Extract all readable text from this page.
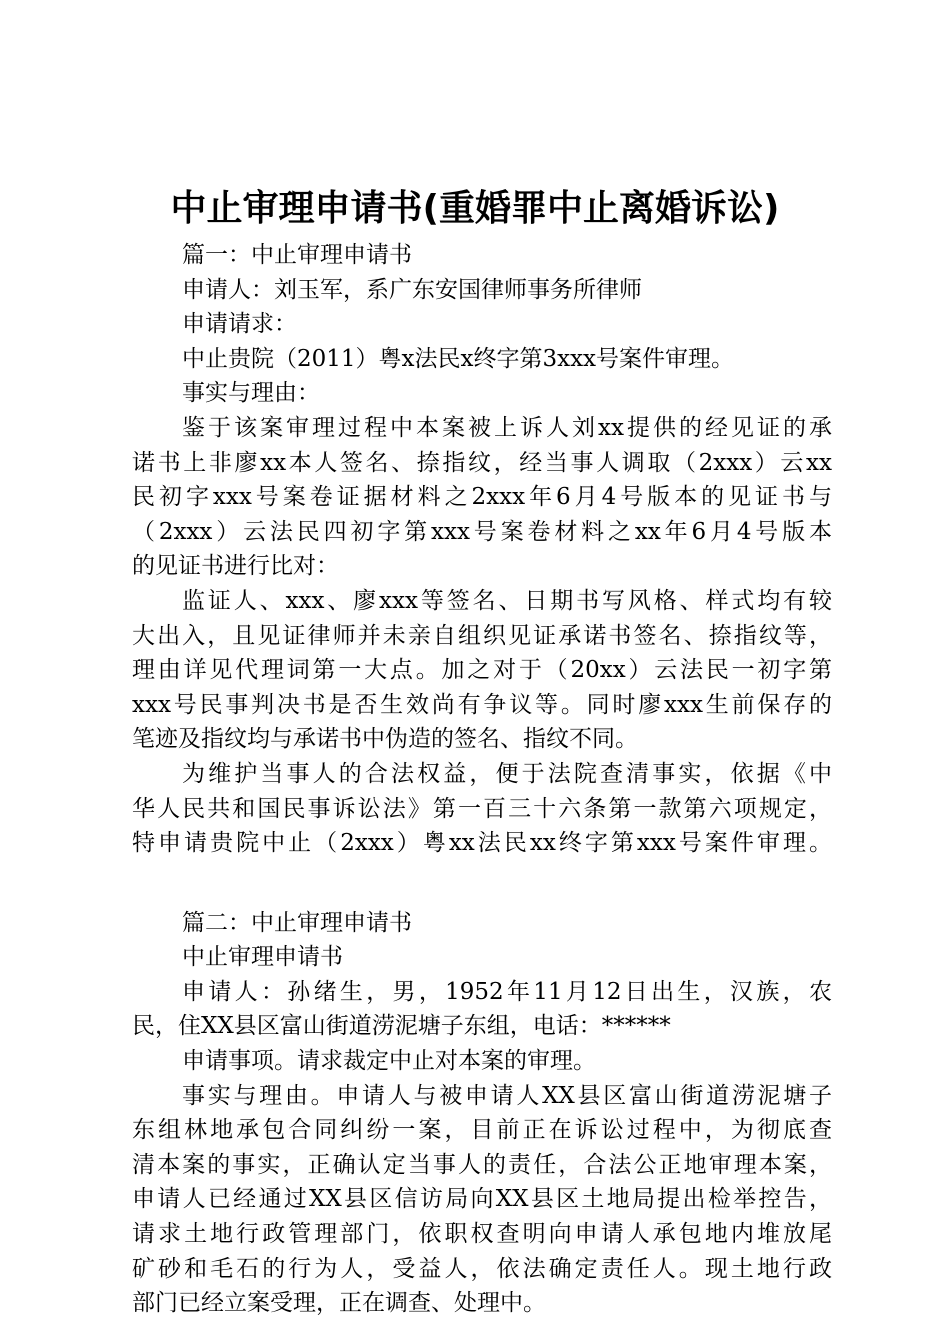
中止审理申请书(重婚罪中止离婚诉讼)
篇一：中止审理申请书
申请人：刘玉军，系广东安国律师事务所律师
申请请求：
中止贵院（2011）粤x法民x终字第3xxx号案件审理。
事实与理由：
鉴于该案审理过程中本案被上诉人刘xx提供的经见证的承
诺书上非廖xx本人签名、捺指纹，经当事人调取（2xxx）云xx
民初字xxx号案卷证据材料之2xxx年6月4号版本的见证书与
（2xxx）云法民四初字第xxx号案卷材料之xx年6月4号版本
的见证书进行比对：
监证人、xxx、廖xxx等签名、日期书写风格、样式均有较
大出入，且见证律师并未亲自组织见证承诺书签名、捺指纹等，
理由详见代理词第一大点。加之对于（20xx）云法民一初字第
xxx号民事判决书是否生效尚有争议等。同时廖xxx生前保存的
笔迹及指纹均与承诺书中伪造的签名、指纹不同。
为维护当事人的合法权益，便于法院查清事实，依据《中
华人民共和国民事诉讼法》第一百三十六条第一款第六项规定，
特申请贵院中止（2xxx）粤xx法民xx终字第xxx号案件审理。
篇二：中止审理申请书
中止审理申请书
申请人：孙绪生，男，1952年11月12日出生，汉族，农
民，住XX县区富山街道涝泥塘子东组，电话：******
申请事项。请求裁定中止对本案的审理。
事实与理由。申请人与被申请人XX县区富山街道涝泥塘子
东组林地承包合同纠纷一案，目前正在诉讼过程中，为彻底查
清本案的事实，正确认定当事人的责任，合法公正地审理本案，
申请人已经通过XX县区信访局向XX县区土地局提出检举控告，
请求土地行政管理部门，依职权查明向申请人承包地内堆放尾
矿砂和毛石的行为人，受益人，依法确定责任人。现土地行政
部门已经立案受理，正在调查、处理中。
